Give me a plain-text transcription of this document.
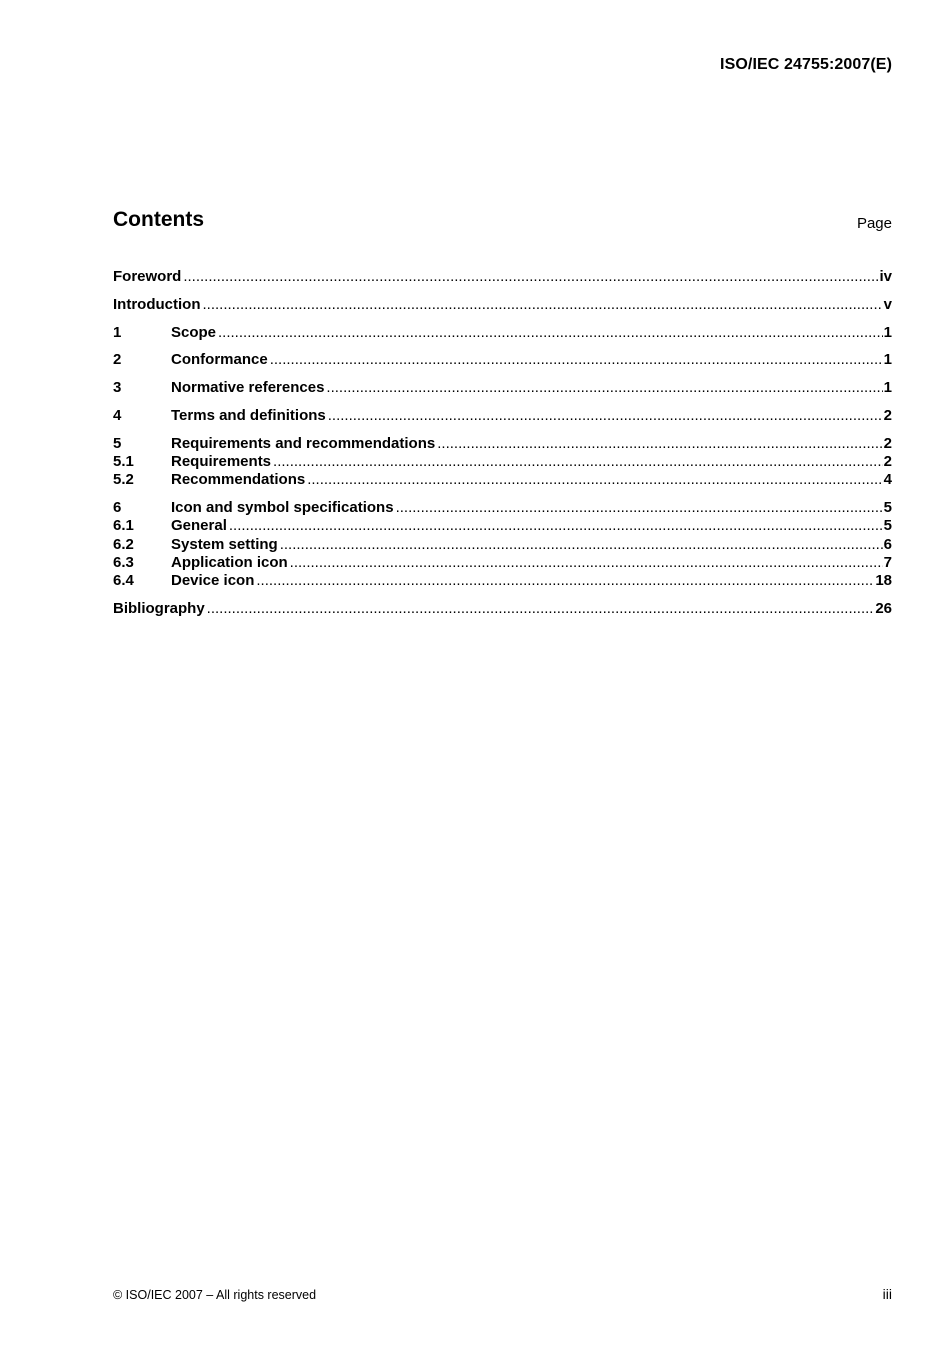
ISO/IEC 24755:2007(E)
Contents	Page
Foreword .....	iv
Introduction .....	v
1	Scope .....	1
2	Conformance .....	1
3	Normative references .....	1
4	Terms and definitions .....	2
5	Requirements and recommendations .....	2
5.1	Requirements .....	2
5.2	Recommendations .....	4
6	Icon and symbol specifications .....	5
6.1	General .....	5
6.2	System setting .....	6
6.3	Application icon .....	7
6.4	Device icon .....	18
Bibliography .....	26
© ISO/IEC 2007 – All rights reserved	iii
